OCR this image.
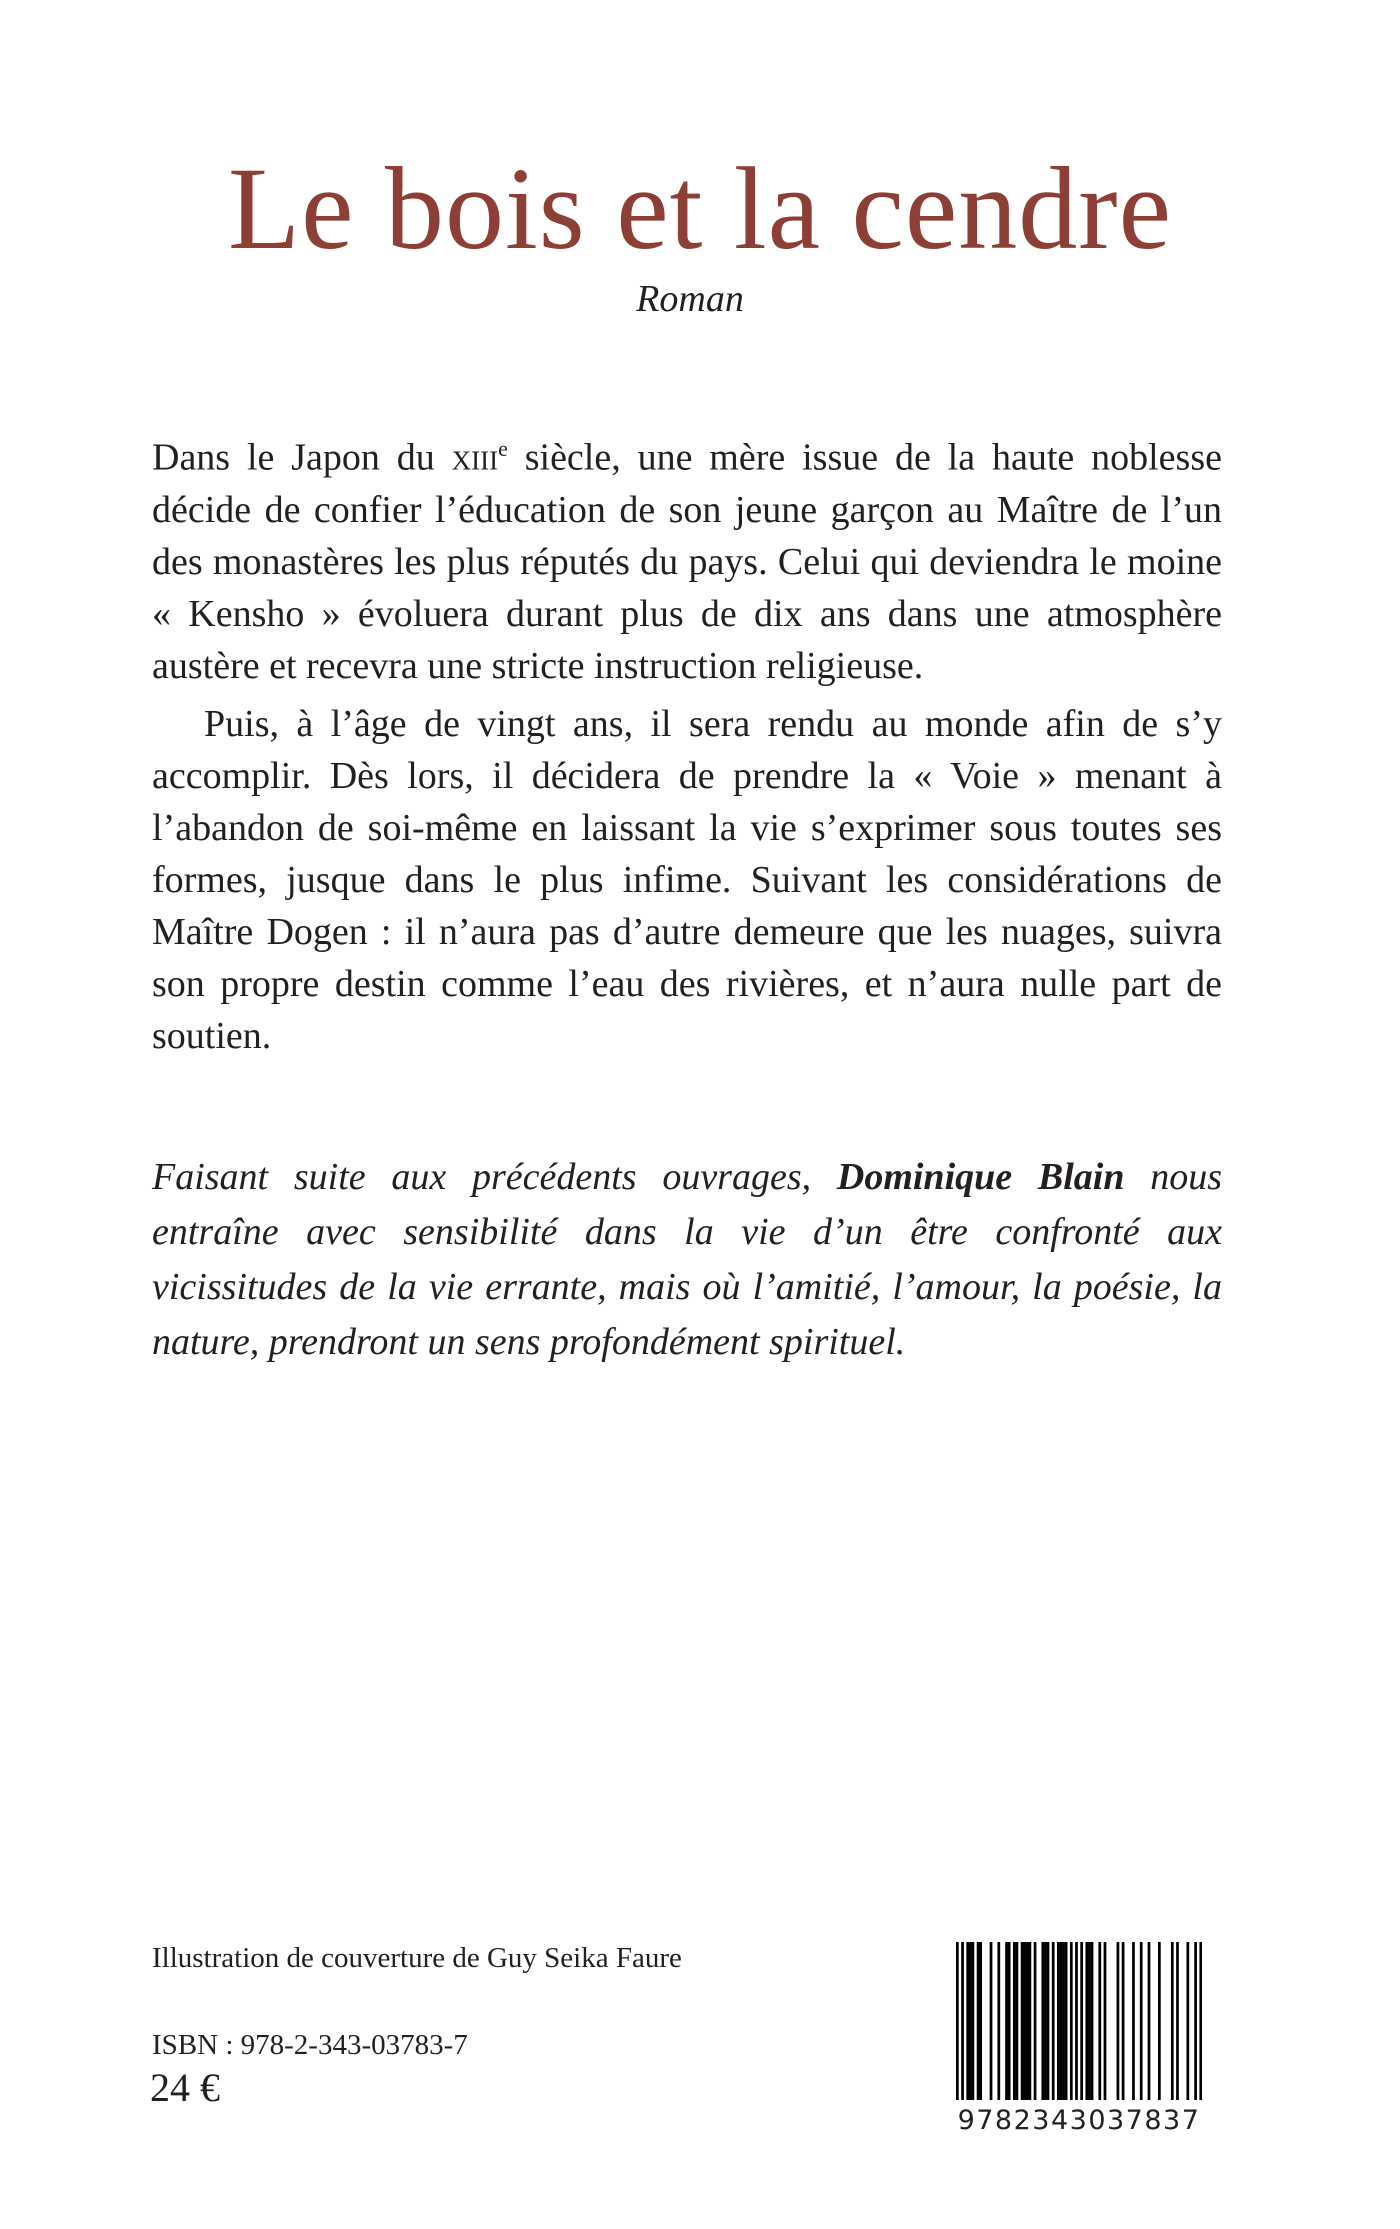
Le bois et la cendre
Roman

Dans le Japon du xiii$^e$ siècle, une mère issue de la haute noblesse décide de confier l’éducation de son jeune garçon au Maître de l’un des monastères les plus réputés du pays. Celui qui deviendra le moine « Kensho » évoluera durant plus de dix ans dans une atmosphère austère et recevra une stricte instruction religieuse.

Puis, à l’âge de vingt ans, il sera rendu au monde afin de s’y accomplir. Dès lors, il décidera de prendre la « Voie » menant à l’abandon de soi-même en laissant la vie s’exprimer sous toutes ses formes, jusque dans le plus infime. Suivant les considérations de Maître Dogen : il n’aura pas d’autre demeure que les nuages, suivra son propre destin comme l’eau des rivières, et n’aura nulle part de soutien.

Faisant suite aux précédents ouvrages, Dominique Blain nous entraîne avec sensibilité dans la vie d’un être confronté aux vicissitudes de la vie errante, mais où l’amitié, l’amour, la poésie, la nature, prendront un sens profondément spirituel.
Illustration de couverture de Guy Seika Faure
ISBN : 978-2-343-03783-7
24 €
9782343037837
